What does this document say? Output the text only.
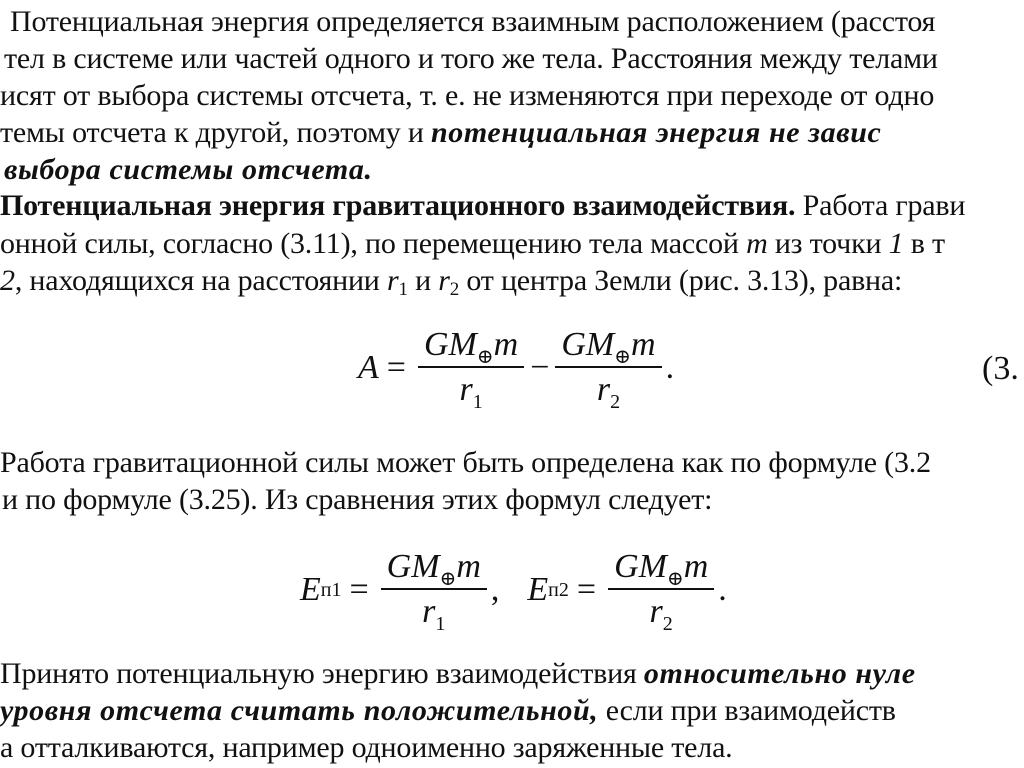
Потенциальная энергия определяется взаимным расположением (расстоя
тел в системе или частей одного и того же тела. Расстояния между телами
исят от выбора системы отсчета, т. е. не изменяются при переходе от одно
темы отсчета к другой, поэтому и потенциальная энергия не завис
выбора системы отсчета.
Потенциальная энергия гравитационного взаимодействия. Работа грави
онной силы, согласно (3.11), по перемещению тела массой m из точки 1 в т
2, находящихся на расстоянии $r_1$ и $r_2$ от центра Земли (рис. 3.13), равна:
$A = \frac{GM_\oplus m}{r_1} - \frac{GM_\oplus m}{r_2}$ .	(3.
Работа гравитационной силы может быть определена как по формуле (3.2
и по формуле (3.25). Из сравнения этих формул следует:
E $п1 = \frac{GM_\oplus m}{r_1}$ , E $п2 = \frac{GM_\oplus m}{r_2}$ .
Принято потенциальную энергию взаимодействия относительно нуле
уровня отсчета считать положительной, если при взаимодейств
а отталкиваются, например одноименно заряженные тела.
